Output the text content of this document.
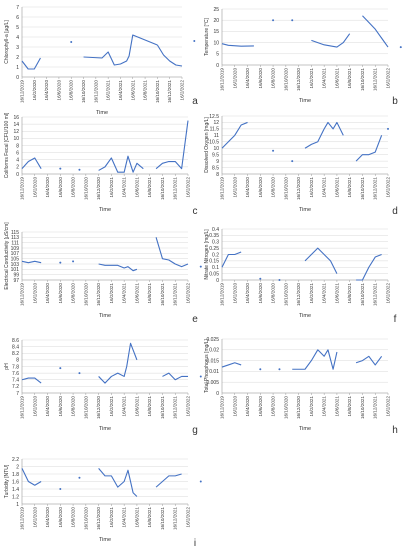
0
1
2
3
4
5
6
7
16/12/2019 16/2/2020 16/4/2020 16/6/2020 16/8/2020 16/10/2020 16/12/2020 16/2/2021 16/4/2021 16/6/2021 16/8/2021 16/10/2021 16/12/2021 16/2/2022
Time
Chlorophyll-a [µg/L]
a
0
5
10
15
20
25
16/12/2019 16/2/2020 16/4/2020 16/6/2020 16/8/2020 16/10/2020 16/12/2020 16/2/2021 16/4/2021 16/6/2021 16/8/2021 16/10/2021 16/12/2021 16/2/2022
Time
Temperature [°C]
b
0
2
4
6
8
10
12
14
16
16/12/2019 16/2/2020 16/4/2020 16/6/2020 16/8/2020 16/10/2020 16/12/2020 16/2/2021 16/4/2021 16/6/2021 16/8/2021 16/10/2021 16/12/2021 16/2/2022
Time
Coliforms Fecal [CFU/100 ml]
c
8
8.5
9
9.5
10
10.5
11
11.5
12
12.5
16/12/2019 16/2/2020 16/4/2020 16/6/2020 16/8/2020 16/10/2020 16/12/2020 16/2/2021 16/4/2021 16/6/2021 16/8/2021 16/10/2021 16/12/2021 16/2/2022
Time
Dissolved Oxygen [mg/L]
d
97
99
101
103
105
107
109
111
113
115
16/12/2019 16/2/2020 16/4/2020 16/6/2020 16/8/2020 16/10/2020 16/12/2020 16/2/2021 16/4/2021 16/6/2021 16/8/2021 16/10/2021 16/12/2021 16/2/2022
Time
Electrical Conductivity [µS/cm]
e
0
0.05
0.1
0.15
0.2
0.25
0.3
0.35
0.4
16/12/2019 16/2/2020 16/4/2020 16/6/2020 16/8/2020 16/10/2020 16/12/2020 16/2/2021 16/4/2021 16/6/2021 16/8/2021 16/10/2021 16/12/2021 16/2/2022
Time
Nitrate Nitrogen [mg/L]
f
7
7.2
7.4
7.6
7.8
8
8.2
8.4
8.6
16/12/2019 16/2/2020 16/4/2020 16/6/2020 16/8/2020 16/10/2020 16/12/2020 16/2/2021 16/4/2021 16/6/2021 16/8/2021 16/10/2021 16/12/2021 16/2/2022
Time
pH
g
0
0.005
0.01
0.015
0.02
0.025
16/12/2019 16/2/2020 16/4/2020 16/6/2020 16/8/2020 16/10/2020 16/12/2020 16/2/2021 16/4/2021 16/6/2021 16/8/2021 16/10/2021 16/12/2021 16/2/2022
Time
Total Phosphorus [mg/L]
h
1
1.2
1.4
1.6
1.8
2
2.2
16/12/2019 16/2/2020 16/4/2020 16/6/2020 16/8/2020 16/10/2020 16/12/2020 16/2/2021 16/4/2021 16/6/2021 16/8/2021 16/10/2021 16/12/2021 16/2/2022
Time
Turbidity [NTU]
i
